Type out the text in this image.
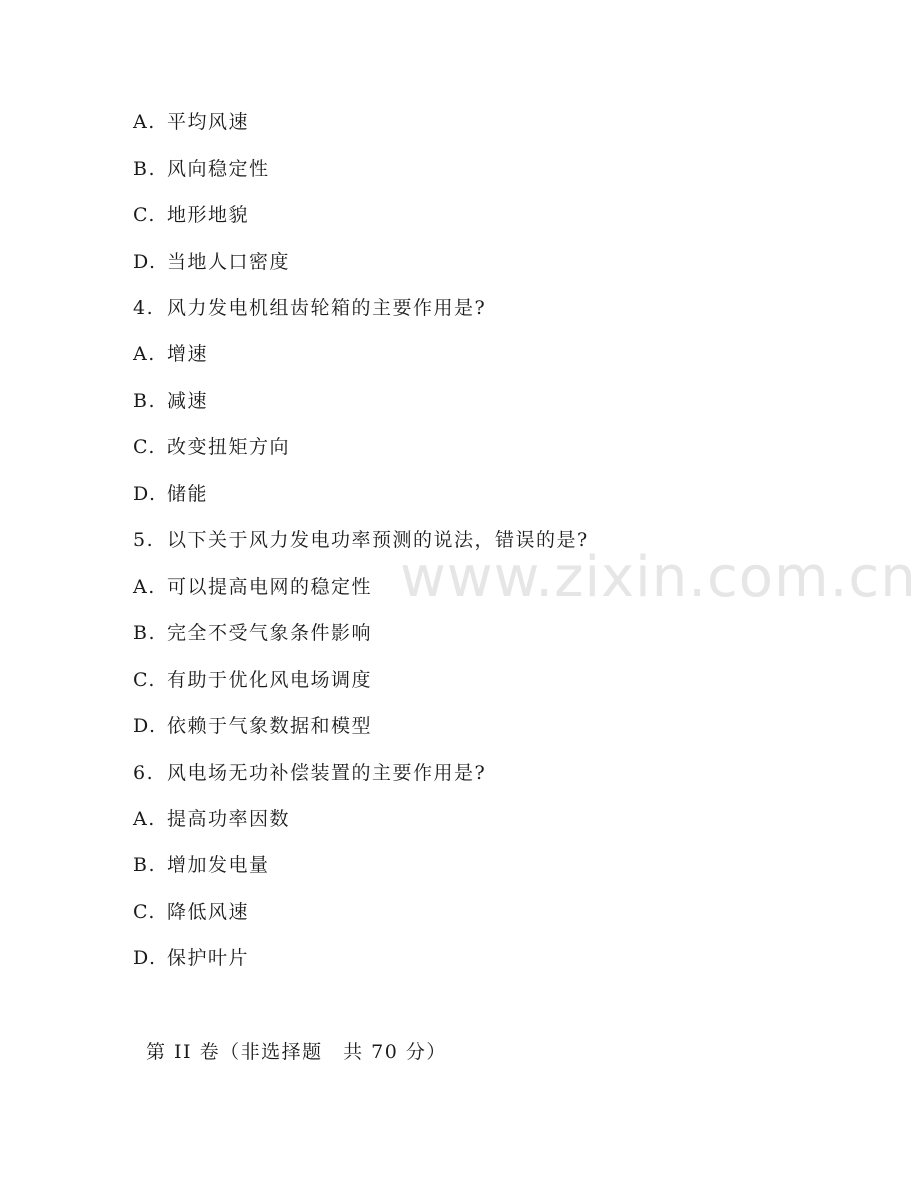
www.zixin.com.cn
A. 平均风速
B. 风向稳定性
C. 地形地貌
D. 当地人口密度
4. 风力发电机组齿轮箱的主要作用是?
A. 增速
B. 减速
C. 改变扭矩方向
D. 储能
5. 以下关于风力发电功率预测的说法，错误的是?
A. 可以提高电网的稳定性
B. 完全不受气象条件影响
C. 有助于优化风电场调度
D. 依赖于气象数据和模型
6. 风电场无功补偿装置的主要作用是?
A. 提高功率因数
B. 增加发电量
C. 降低风速
D. 保护叶片
第 II 卷（非选择题　共 70 分）
